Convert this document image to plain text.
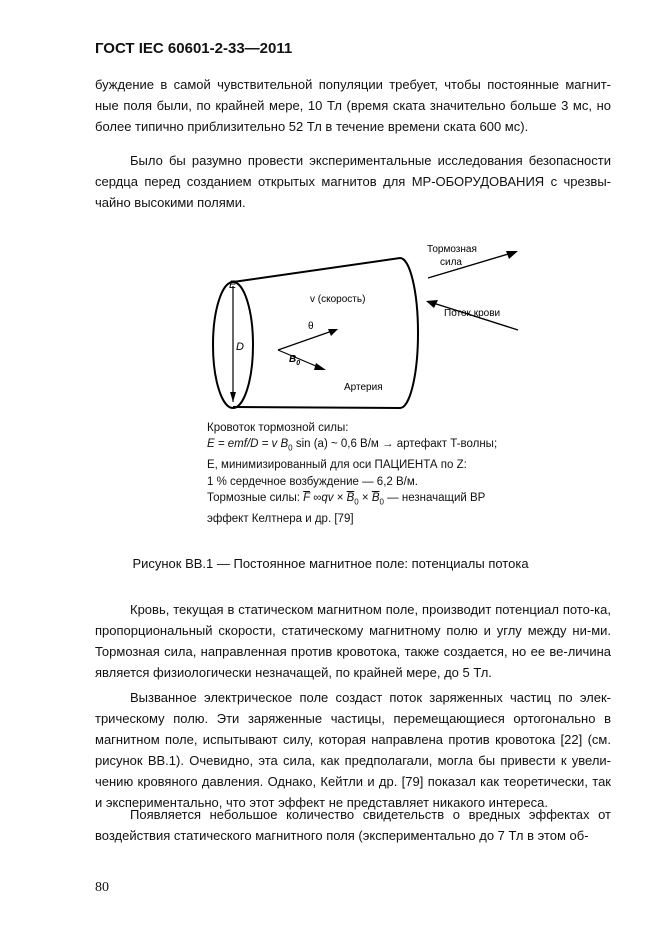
ГОСТ IEC 60601-2-33—2011

буждение в самой чувствительной популяции требует, чтобы постоянные магнит-ные поля были, по крайней мере, 10 Тл (время ската значительно больше 3 мс, но более типично приблизительно 52 Тл в течение времени ската 600 мс).

Было бы разумно провести экспериментальные исследования безопасности сердца перед созданием открытых магнитов для МР-ОБОРУДОВАНИЯ с чрезвы-чайно высокими полями.

E
D
v (скорость)
θ
$B_0$
Артерия
Тормозная
сила
Поток крови
Кровоток тормозной силы:
E = emf/D = v $B_0$ sin (a) ~ 0,6 В/м → артефакт T-волны;
E, минимизированный для оси ПАЦИЕНТА по Z:
1 % сердечное возбуждение — 6,2 В/м.
Тормозные силы: $\overline{F}$ $\infty qv \times \overline{B}_0 \times \overline{B}_0$ — незначащий BP
эффект Келтнера и др. [79]
Рисунок ВВ.1 — Постоянное магнитное поле: потенциалы потока

Кровь, текущая в статическом магнитном поле, производит потенциал пото-ка, пропорциональный скорости, статическому магнитному полю и углу между ни-ми. Тормозная сила, направленная против кровотока, также создается, но ее ве-личина является физиологически незначащей, по крайней мере, до 5 Тл.

Вызванное электрическое поле создаст поток заряженных частиц по элек-трическому полю. Эти заряженные частицы, перемещающиеся ортогонально в магнитном поле, испытывают силу, которая направлена против кровотока [22] (см. рисунок ВВ.1). Очевидно, эта сила, как предполагали, могла бы привести к увели-чению кровяного давления. Однако, Кейтли и др. [79] показал как теоретически, так и экспериментально, что этот эффект не представляет никакого интереса.

Появляется небольшое количество свидетельств о вредных эффектах от воздействия статического магнитного поля (экспериментально до 7 Тл в этом об-

80
